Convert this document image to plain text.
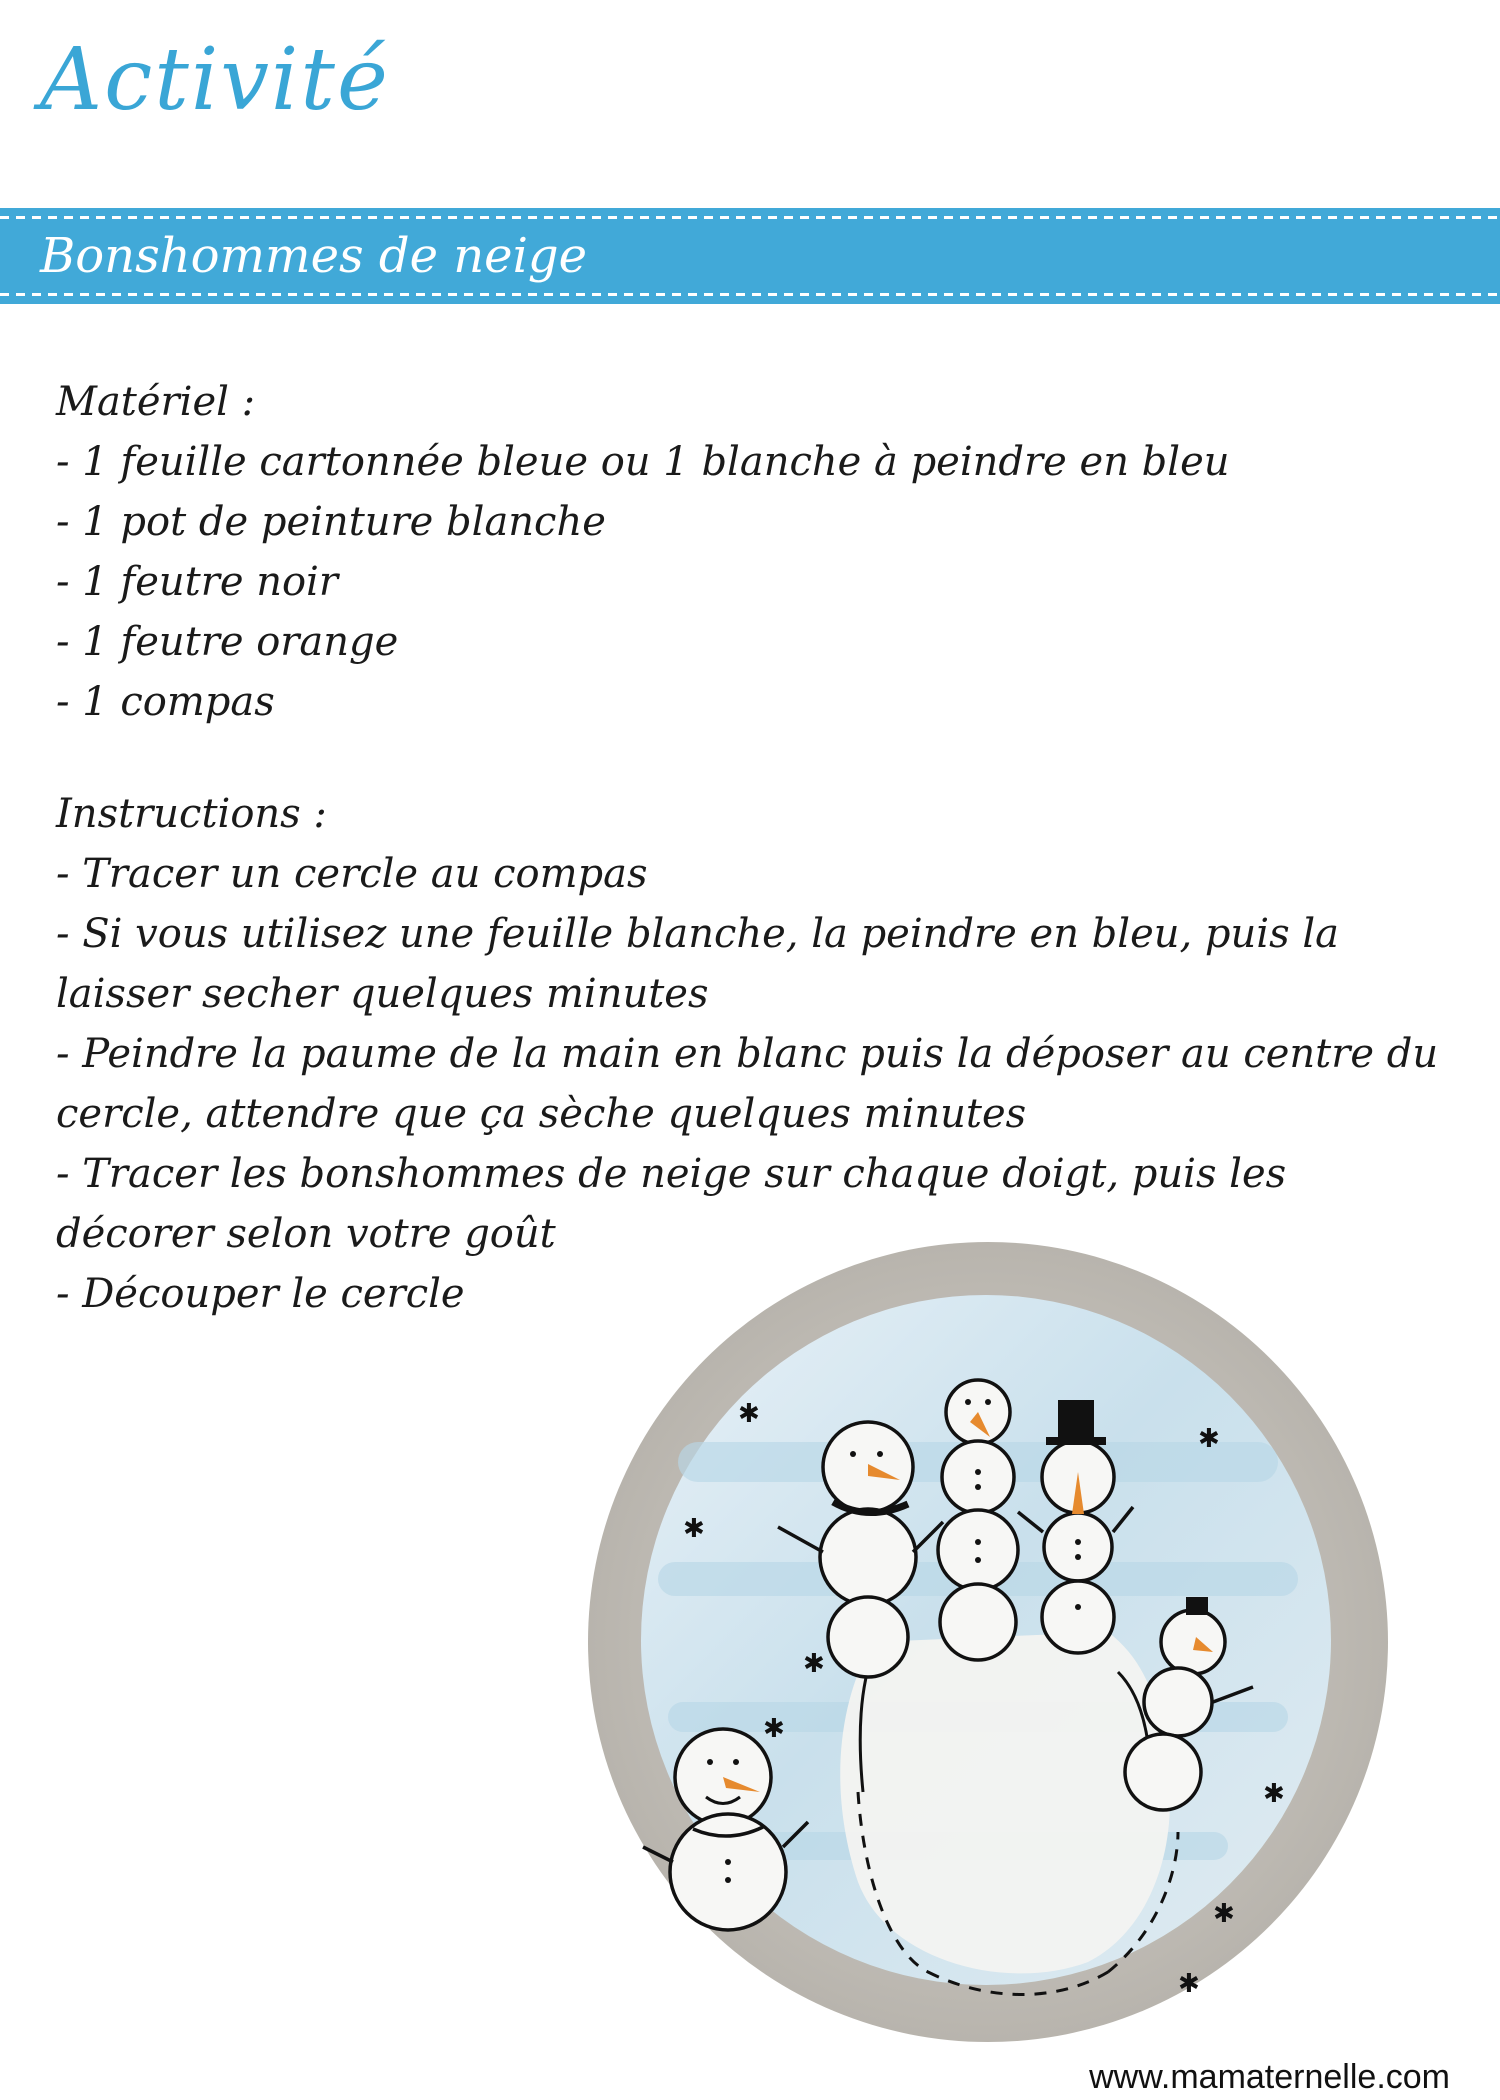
Activité
Bonshommes de neige
Matériel :
- 1 feuille cartonnée bleue ou 1 blanche à peindre en bleu
- 1 pot de peinture blanche
- 1 feutre noir
- 1 feutre orange
- 1 compas
Instructions :
- Tracer un cercle au compas
- Si vous utilisez une feuille blanche, la peindre en bleu, puis la laisser secher quelques minutes
- Peindre la paume de la main en blanc puis la déposer au centre du cercle, attendre que ça sèche quelques minutes
- Tracer les bonshommes de neige sur chaque doigt, puis les décorer selon votre goût
- Découper le cercle
✱
✱
✱
✱
✱
✱
✱
✱
www.mamaternelle.com
